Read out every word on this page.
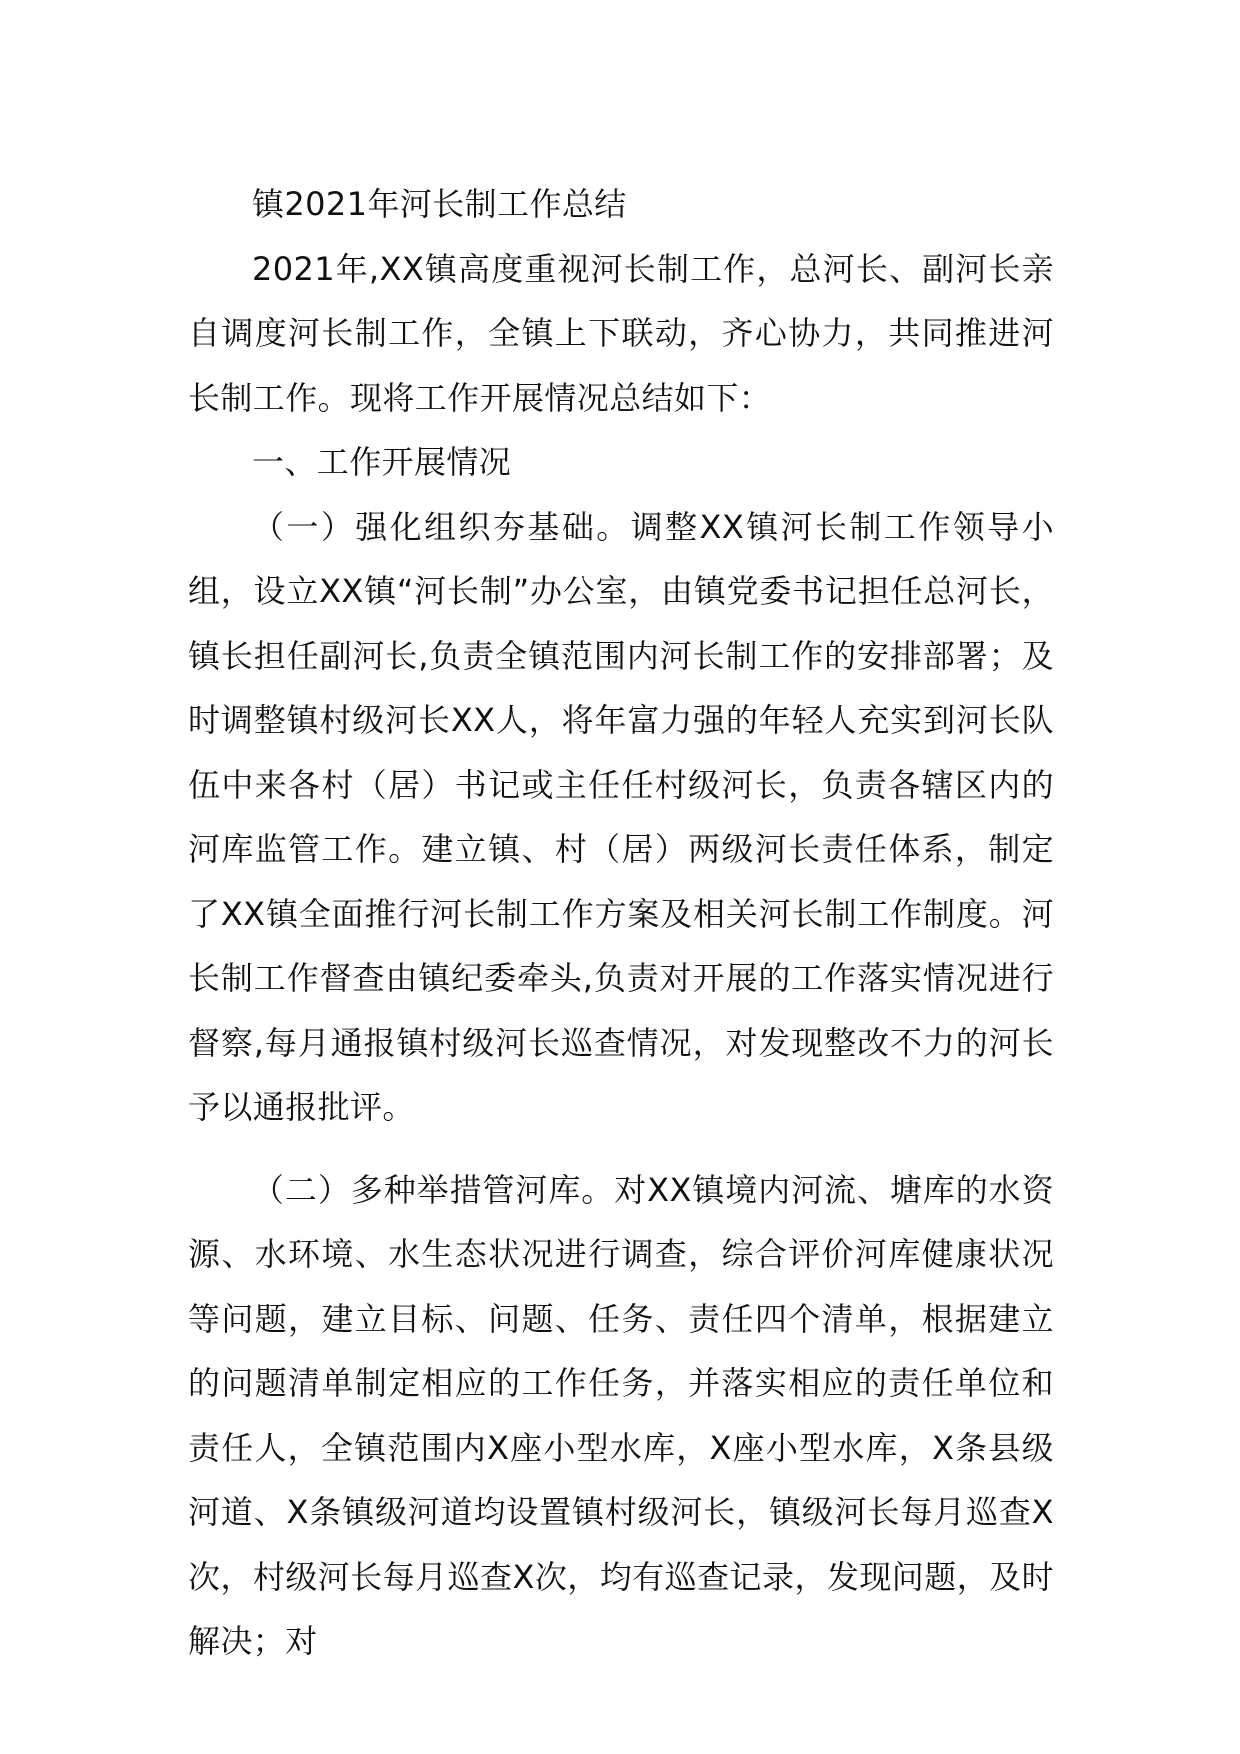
镇2021年河长制工作总结

2021年,XX镇高度重视河长制工作，总河长、副河长亲自调度河长制工作，全镇上下联动，齐心协力，共同推进河长制工作。现将工作开展情况总结如下：

一、工作开展情况

（一）强化组织夯基础。调整XX镇河长制工作领导小组，设立XX镇“河长制”办公室，由镇党委书记担任总河长，镇长担任副河长,负责全镇范围内河长制工作的安排部署；及时调整镇村级河长XX人，将年富力强的年轻人充实到河长队伍中来各村（居）书记或主任任村级河长，负责各辖区内的河库监管工作。建立镇、村（居）两级河长责任体系，制定了XX镇全面推行河长制工作方案及相关河长制工作制度。河长制工作督查由镇纪委牵头,负责对开展的工作落实情况进行督察,每月通报镇村级河长巡查情况，对发现整改不力的河长予以通报批评。

（二）多种举措管河库。对XX镇境内河流、塘库的水资源、水环境、水生态状况进行调查，综合评价河库健康状况等问题，建立目标、问题、任务、责任四个清单，根据建立的问题清单制定相应的工作任务，并落实相应的责任单位和责任人，全镇范围内X座小型水库，X座小型水库，X条县级河道、X条镇级河道均设置镇村级河长，镇级河长每月巡查X次，村级河长每月巡查X次，均有巡查记录，发现问题，及时解决；对
